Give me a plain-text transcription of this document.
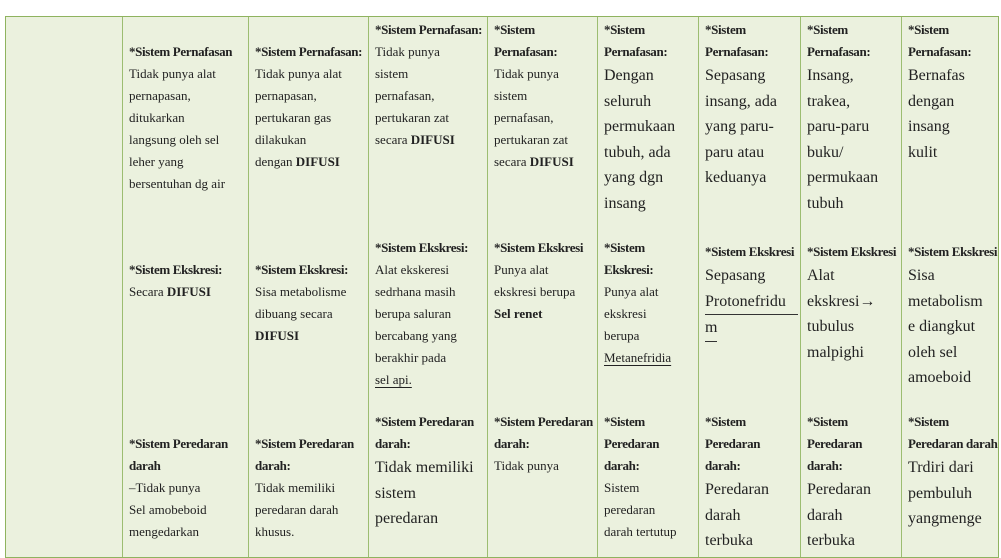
*Sistem Pernafasan
Tidak punya alat
pernapasan,
ditukarkan
langsung oleh sel
leher yang
bersentuhan dg air
*Sistem Ekskresi:
Secara DIFUSI
*Sistem Peredaran darah
–Tidak punya
Sel amobeboid
mengedarkan
*Sistem Pernafasan:
Tidak punya alat
pernapasan,
pertukaran gas
dilakukan
dengan DIFUSI
*Sistem Ekskresi:
Sisa metabolisme
dibuang secara
DIFUSI
*Sistem Peredaran darah:
Tidak memiliki
peredaran darah
khusus.
*Sistem Pernafasan:
Tidak punya
sistem
pernafasan,
pertukaran zat
secara DIFUSI
*Sistem Ekskresi:
Alat ekskeresi
sedrhana masih
berupa saluran
bercabang yang
berakhir pada
sel api.
*Sistem Peredaran darah:
Tidak memiliki
sistem
peredaran
*Sistem Pernafasan:
Tidak punya
sistem
pernafasan,
pertukaran zat
secara DIFUSI
*Sistem Ekskresi
Punya alat
ekskresi berupa
Sel renet
*Sistem Peredaran darah:
Tidak punya
*Sistem Pernafasan:
Dengan
seluruh
permukaan
tubuh, ada
yang dgn
insang
*Sistem Ekskresi:
Punya alat
ekskresi
berupa
Metanefridia
*Sistem Peredaran darah:
Sistem
peredaran
darah tertutup
*Sistem Pernafasan:
Sepasang
insang, ada
yang paru-
paru atau
keduanya
*Sistem Ekskresi
Sepasang
Protonefridu
m
*Sistem Peredaran darah:
Peredaran
darah
terbuka
*Sistem Pernafasan:
Insang,
trakea,
paru-paru
buku/
permukaan
tubuh
*Sistem Ekskresi
Alat
ekskresi→
tubulus
malpighi
*Sistem Peredaran darah:
Peredaran
darah
terbuka
*Sistem Pernafasan:
Bernafas
dengan
insang
kulit
*Sistem Ekskresi
Sisa
metabolism
e diangkut
oleh sel
amoeboid
*Sistem Peredaran darah
Trdiri dari
pembuluh
yangmenge
